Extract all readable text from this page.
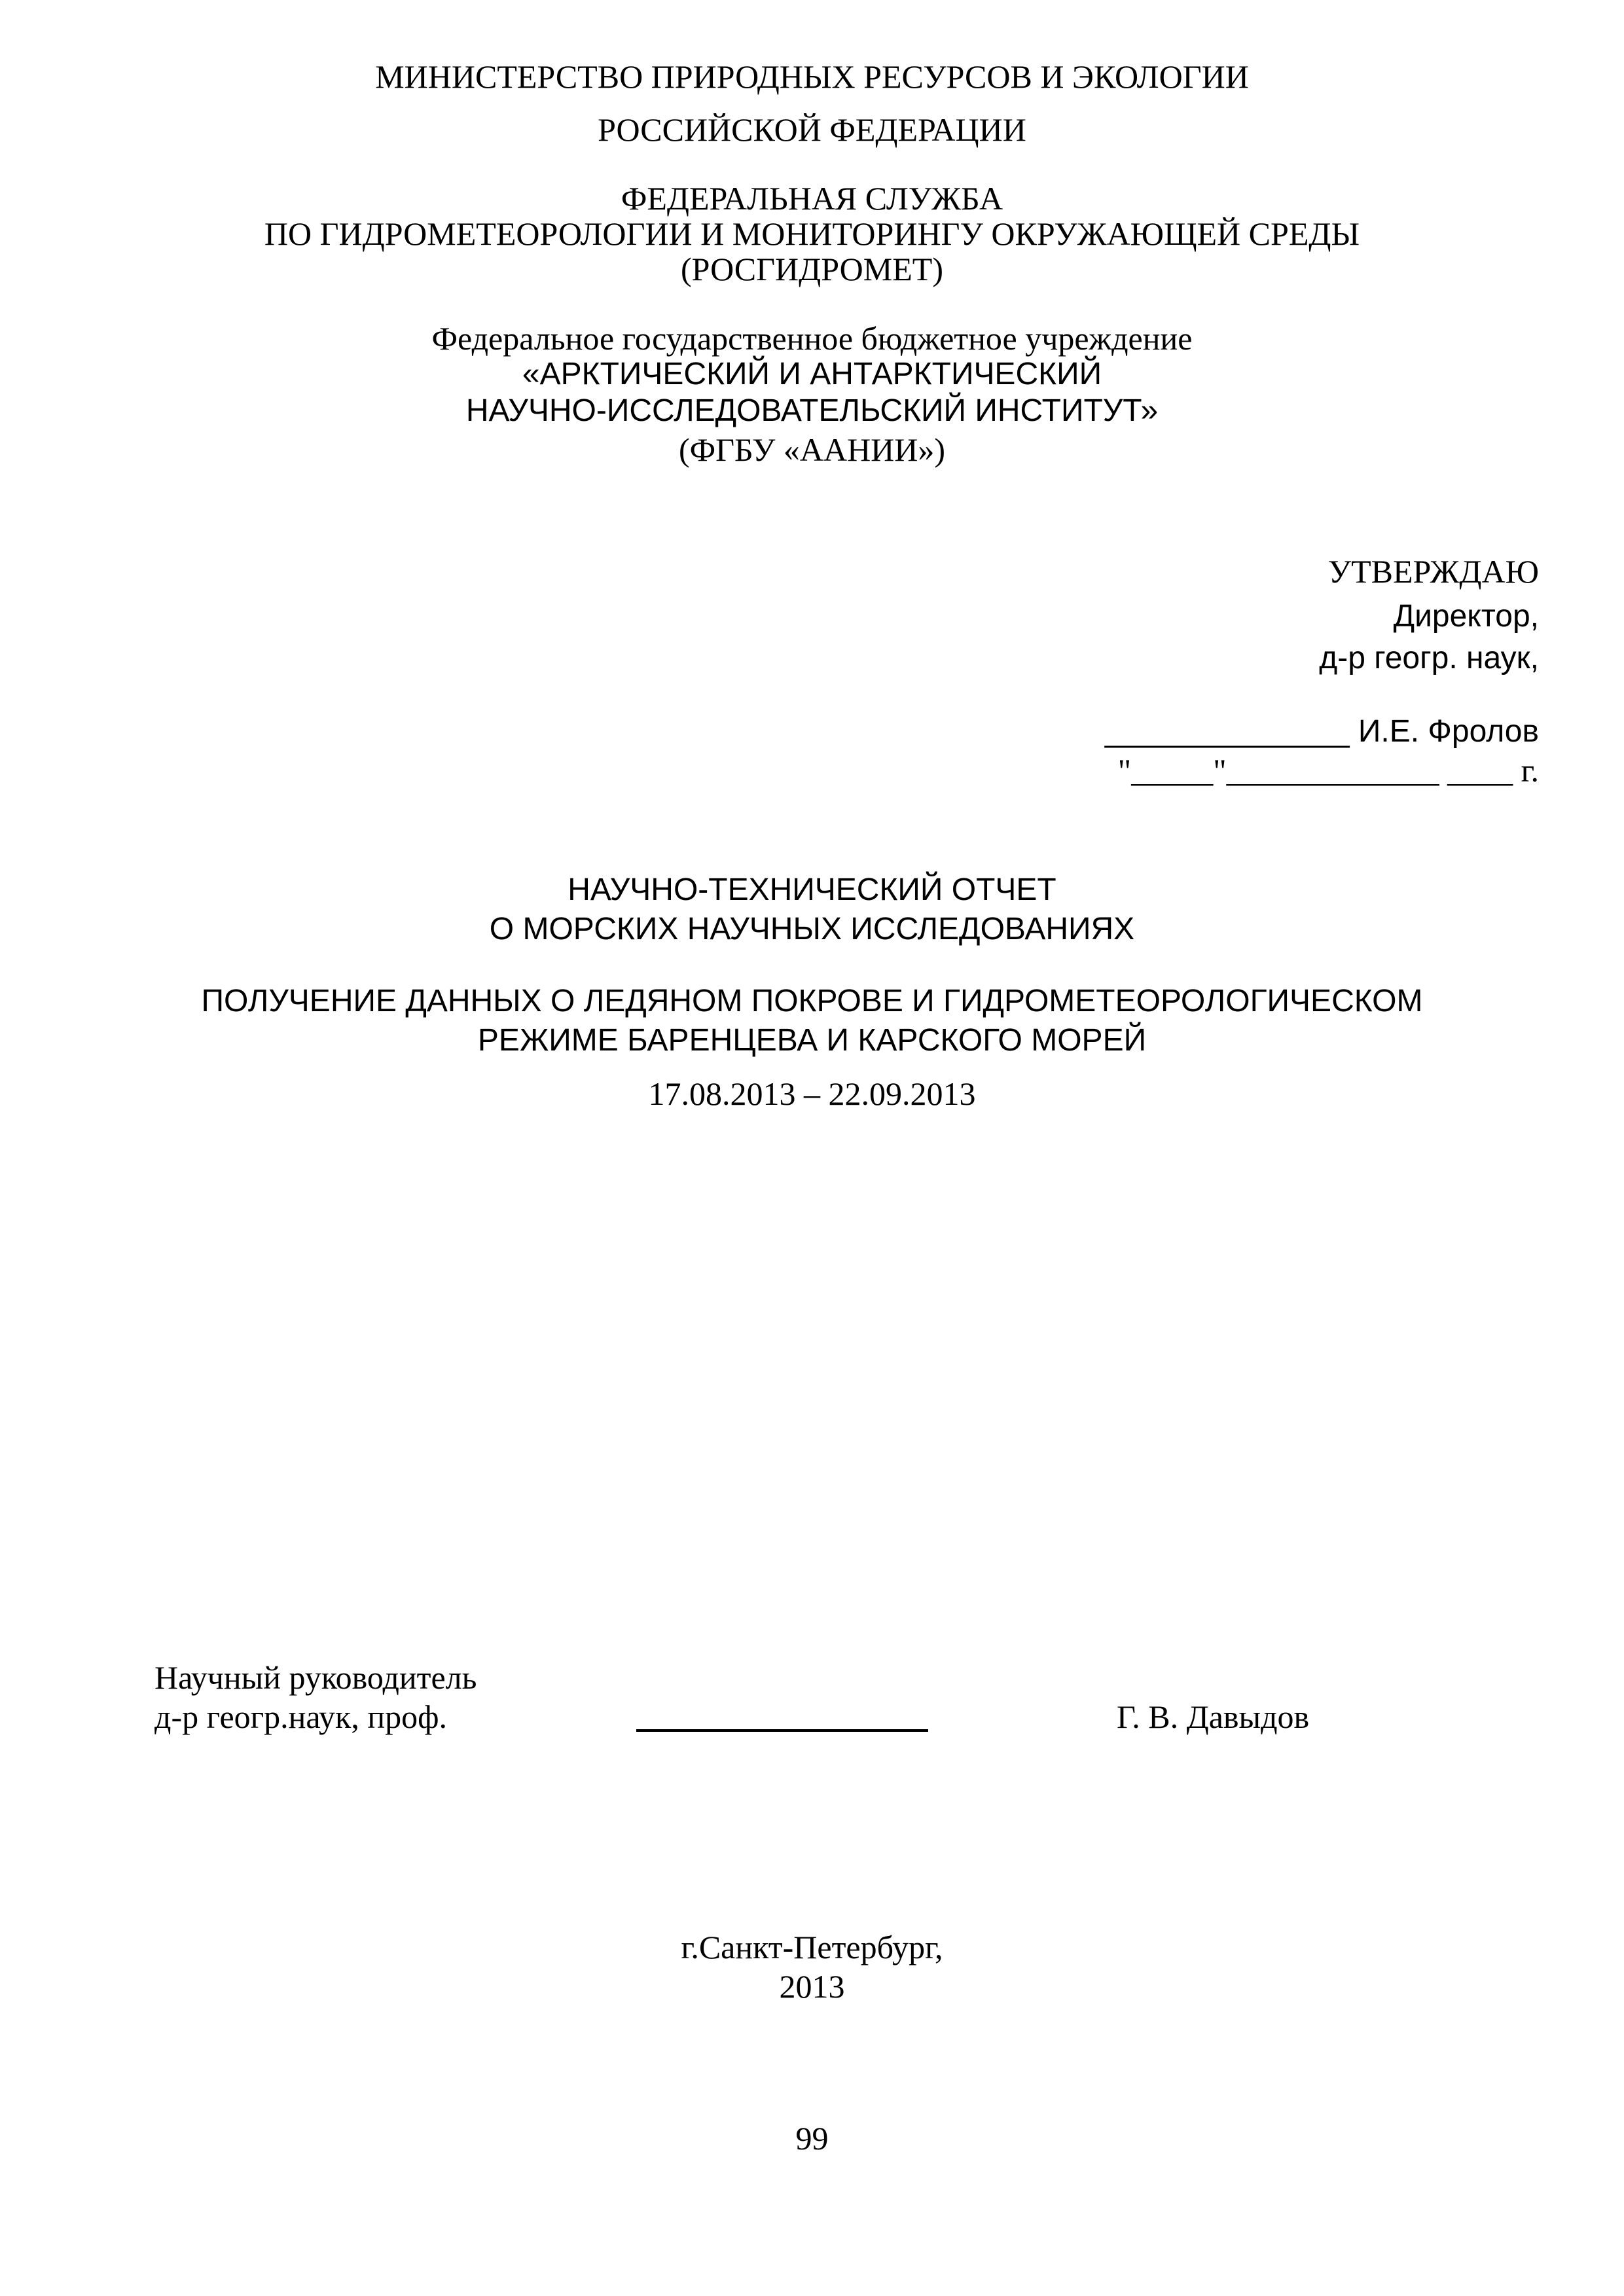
МИНИСТЕРСТВО ПРИРОДНЫХ РЕСУРСОВ И ЭКОЛОГИИ
РОССИЙСКОЙ ФЕДЕРАЦИИ
ФЕДЕРАЛЬНАЯ СЛУЖБА
ПО ГИДРОМЕТЕОРОЛОГИИ И МОНИТОРИНГУ ОКРУЖАЮЩЕЙ СРЕДЫ
(РОСГИДРОМЕТ)
Федеральное государственное бюджетное учреждение
«АРКТИЧЕСКИЙ И АНТАРКТИЧЕСКИЙ
НАУЧНО-ИССЛЕДОВАТЕЛЬСКИЙ ИНСТИТУТ»
(ФГБУ «ААНИИ»)
УТВЕРЖДАЮ
Директор,
д-р геогр. наук,
______________ И.Е. Фролов
"_____"_____________ ____ г.
НАУЧНО-ТЕХНИЧЕСКИЙ ОТЧЕТ
О МОРСКИХ НАУЧНЫХ ИССЛЕДОВАНИЯХ
ПОЛУЧЕНИЕ ДАННЫХ О ЛЕДЯНОМ ПОКРОВЕ И ГИДРОМЕТЕОРОЛОГИЧЕСКОМ
РЕЖИМЕ БАРЕНЦЕВА И КАРСКОГО МОРЕЙ
17.08.2013 – 22.09.2013
Научный руководитель
д-р геогр.наук, проф.	Г. В. Давыдов
г.Санкт-Петербург,
2013
99
